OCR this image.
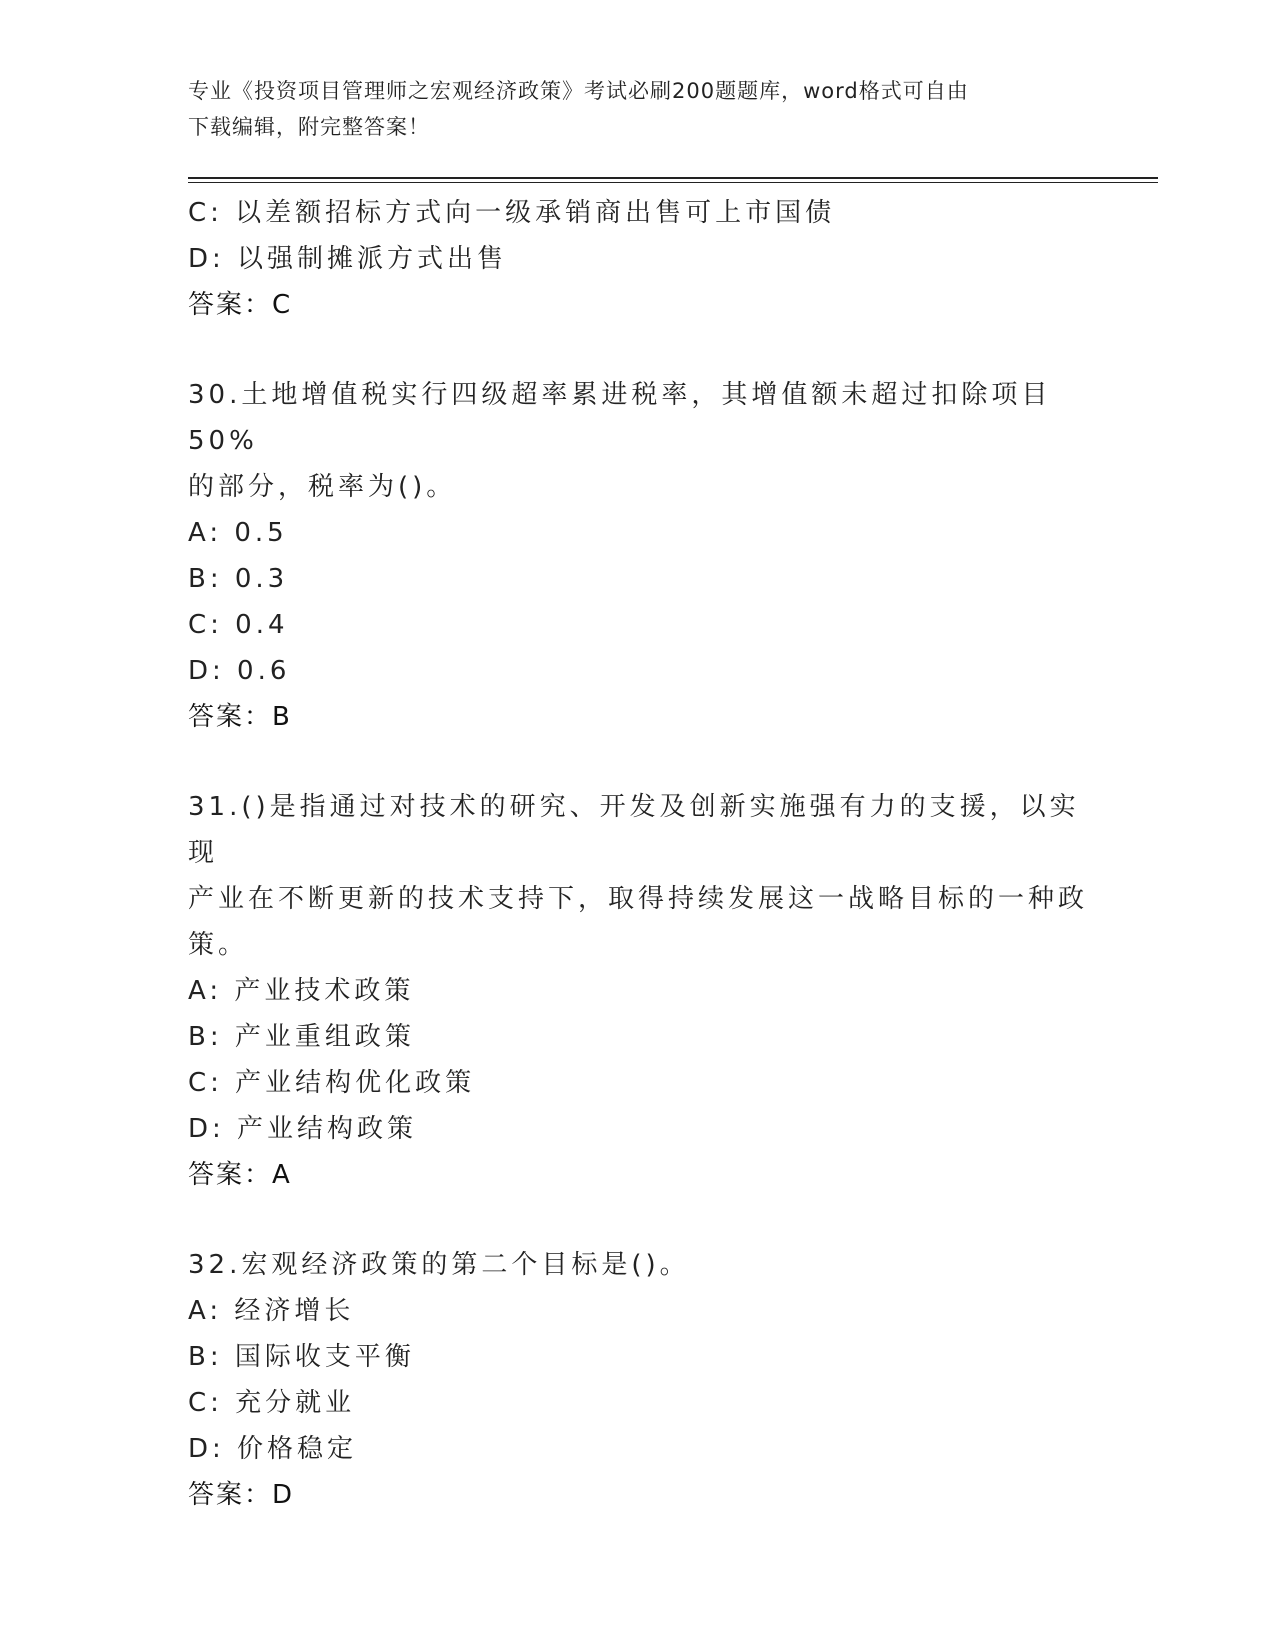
专业《投资项目管理师之宏观经济政策》考试必刷200题题库，word格式可自由
下载编辑，附完整答案！
C: 以差额招标方式向一级承销商出售可上市国债
D: 以强制摊派方式出售
答案：C
30.土地增值税实行四级超率累进税率，其增值额未超过扣除项目50%
的部分，税率为()。
A: 0.5
B: 0.3
C: 0.4
D: 0.6
答案：B
31.()是指通过对技术的研究、开发及创新实施强有力的支援，以实现
产业在不断更新的技术支持下，取得持续发展这一战略目标的一种政
策。
A: 产业技术政策
B: 产业重组政策
C: 产业结构优化政策
D: 产业结构政策
答案：A
32.宏观经济政策的第二个目标是()。
A: 经济增长
B: 国际收支平衡
C: 充分就业
D: 价格稳定
答案：D
